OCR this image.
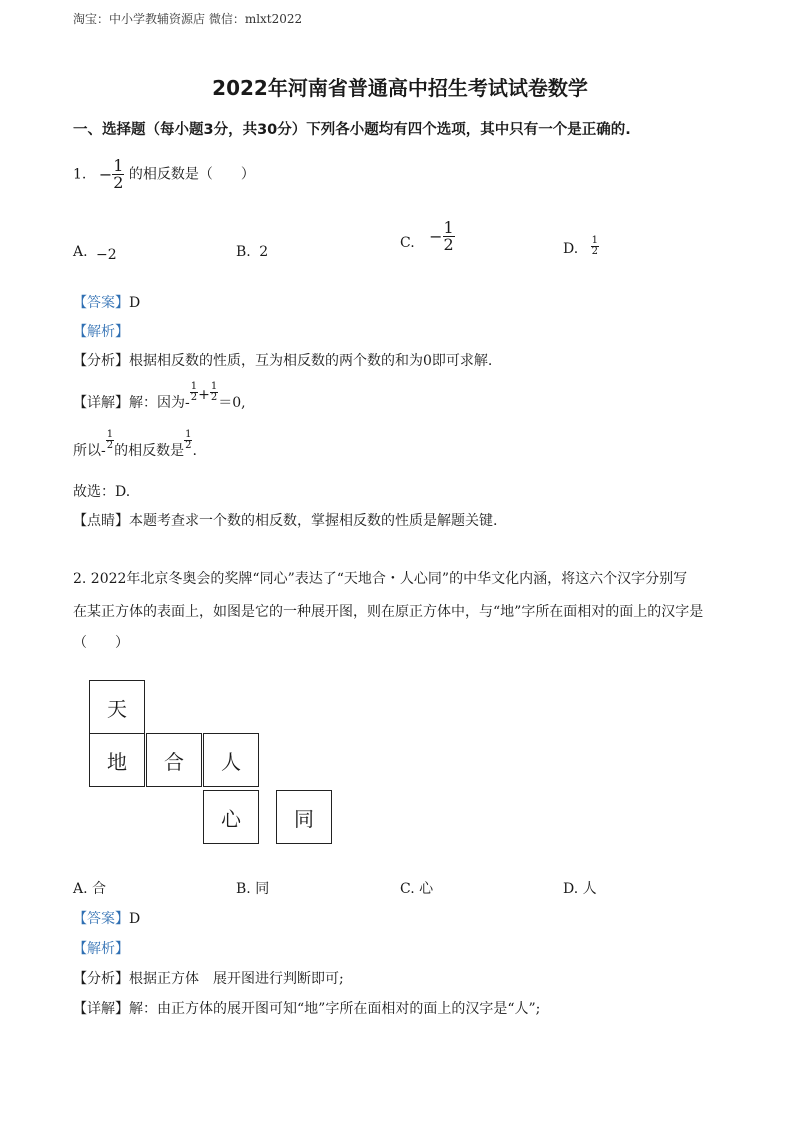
淘宝：中小学教辅资源店 微信：mlxt2022
2022年河南省普通高中招生考试试卷数学
一、选择题（每小题3分，共30分）下列各小题均有四个选项，其中只有一个是正确的.
1. − $\frac{1}{2}$ 的相反数是（　　）
A. −2	B. 2
C. − $\frac{1}{2}$	D. $\frac{1}{2}$
【答案】D
【解析】
【分析】根据相反数的性质，互为相反数的两个数的和为0即可求解.
【详解】解：因为- $\frac{1}{2} + \frac{1}{2} =0$,
所以- $\frac{1}{2}$ 的相反数是 $\frac{1}{2}$ .
故选：D.
【点睛】本题考查求一个数的相反数，掌握相反数的性质是解题关键.
2. 2022年北京冬奥会的奖牌“同心”表达了“天地合・人心同”的中华文化内涵，将这六个汉字分别写
在某正方体的表面上，如图是它的一种展开图，则在原正方体中，与“地”字所在面相对的面上的汉字是
（　　）
天
地	合	人
心	同
A. 合	B. 同	C. 心	D. 人
【答案】D
【解析】
【分析】根据正方体　展开图进行判断即可;
【详解】解：由正方体的展开图可知“地”字所在面相对的面上的汉字是“人”;
